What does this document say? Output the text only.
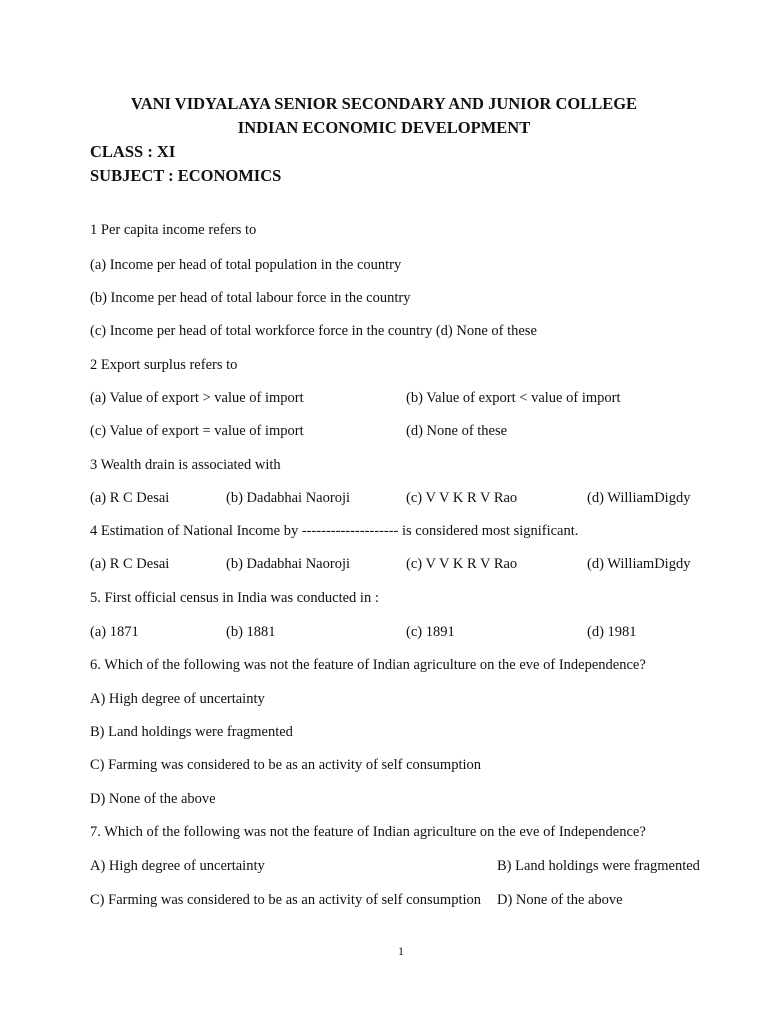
VANI VIDYALAYA SENIOR SECONDARY AND JUNIOR COLLEGE
INDIAN ECONOMIC DEVELOPMENT
CLASS : XI
SUBJECT : ECONOMICS
1 Per capita income refers to
(a) Income per head of total population in the country
(b) Income per head of total labour force in the country
(c) Income per head of total workforce force in the country (d) None of these
2 Export surplus refers to
(a) Value of export > value of import	(b) Value of export < value of import
(c) Value of export = value of import	(d) None of these
3 Wealth drain is associated with
(a) R C Desai	(b) Dadabhai Naoroji	(c) V V K R V Rao	(d) WilliamDigdy
4 Estimation of National Income by -------------------- is considered most significant.
(a) R C Desai	(b) Dadabhai Naoroji	(c) V V K R V Rao	(d) WilliamDigdy
5. First official census in India was conducted in :
(a) 1871	(b) 1881	(c) 1891	(d) 1981
6. Which of the following was not the feature of Indian agriculture on the eve of Independence?
A) High degree of uncertainty
B) Land holdings were fragmented
C) Farming was considered to be as an activity of self consumption
D) None of the above
7. Which of the following was not the feature of Indian agriculture on the eve of Independence?
A) High degree of uncertainty	B) Land holdings were fragmented
C) Farming was considered to be as an activity of self consumption D) None of the above
1
